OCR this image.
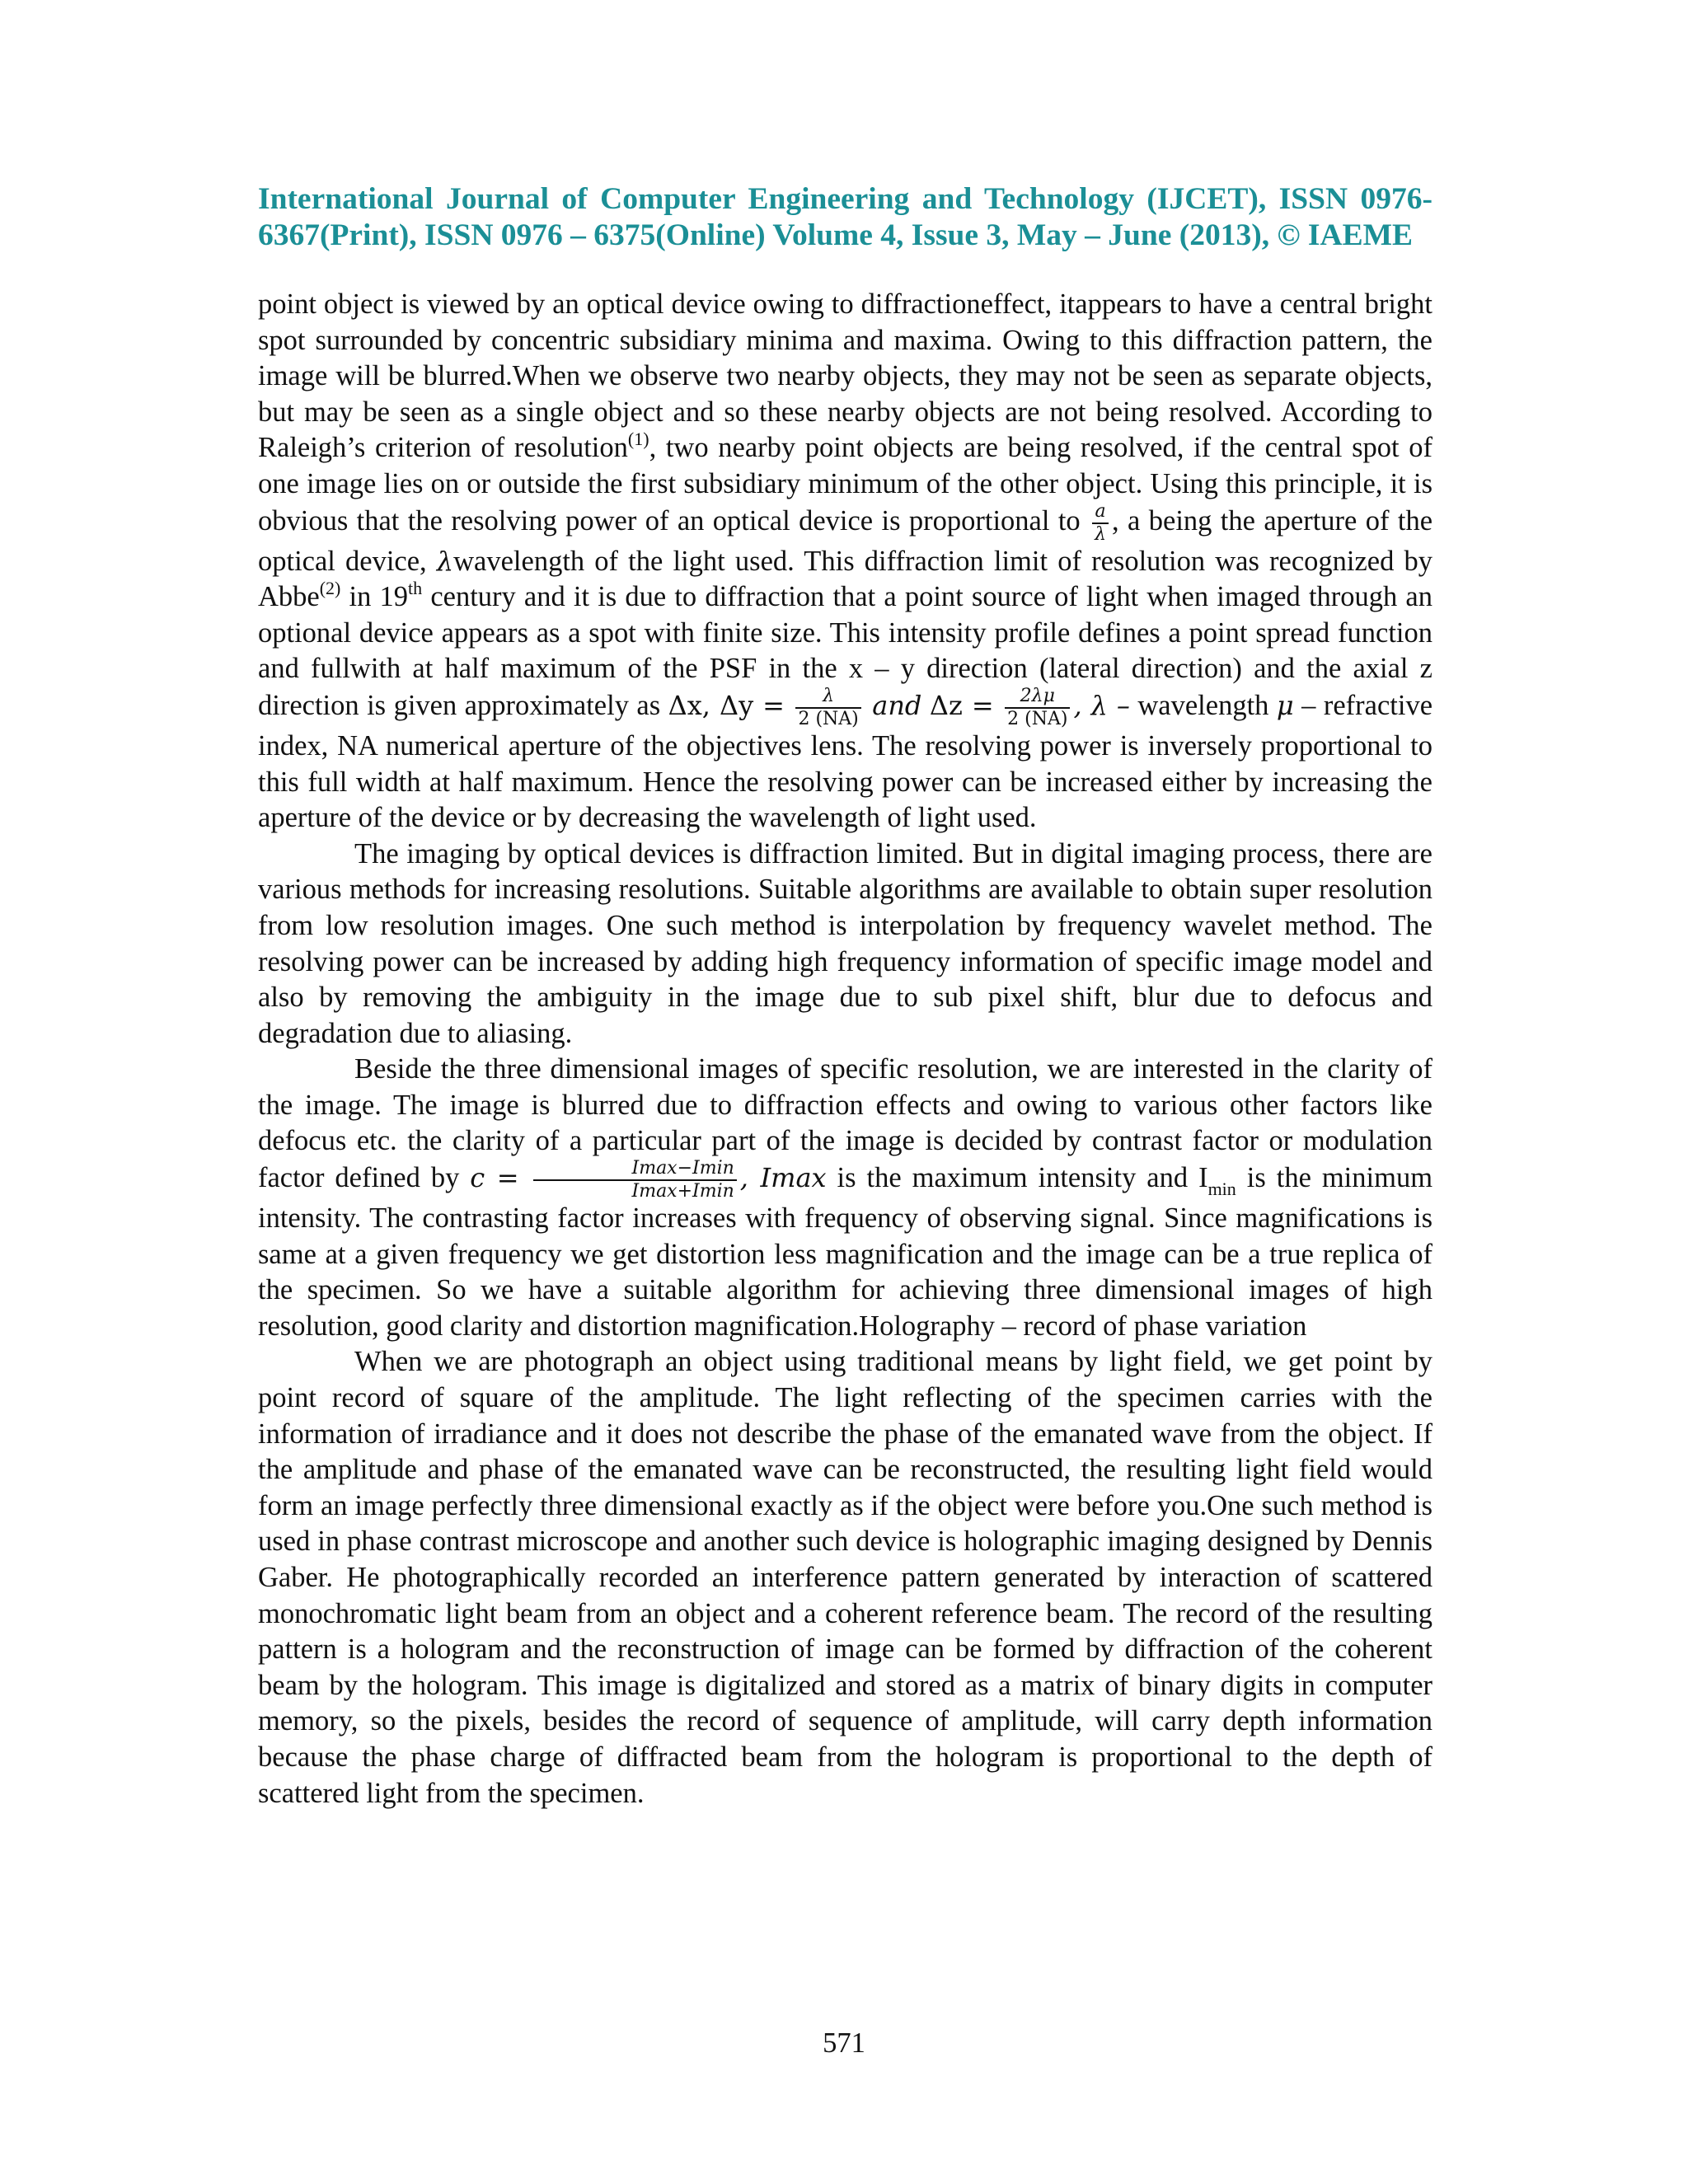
International Journal of Computer Engineering and Technology (IJCET), ISSN 0976-6367(Print), ISSN 0976 – 6375(Online) Volume 4, Issue 3, May – June (2013), © IAEME

point object is viewed by an optical device owing to diffractioneffect, itappears to have a central bright spot surrounded by concentric subsidiary minima and maxima. Owing to this diffraction pattern, the image will be blurred.When we observe two nearby objects, they may not be seen as separate objects, but may be seen as a single object and so these nearby objects are not being resolved. According to Raleigh’s criterion of resolution$^{(1)}$, two nearby point objects are being resolved, if the central spot of one image lies on or outside the first subsidiary minimum of the other object. Using this principle, it is obvious that the resolving power of an optical device is proportional to $\frac{a}{\lambda}$ , a being the aperture of the optical device, λwavelength of the light used. This diffraction limit of resolution was recognized by Abbe$^{(2)}$ in 19th century and it is due to diffraction that a point source of light when imaged through an optional device appears as a spot with finite size. This intensity profile defines a point spread function and fullwith at half maximum of the PSF in the x – y direction (lateral direction) and the axial z direction is given approximately as Δx, $\Delta y = \frac{\lambda}{2 (NA)}$ and $\Delta z = \frac{2\lambda\mu}{2 (NA)}$ , λ – wavelength μ – refractive index, NA numerical aperture of the objectives lens. The resolving power is inversely proportional to this full width at half maximum. Hence the resolving power can be increased either by increasing the aperture of the device or by decreasing the wavelength of light used.

The imaging by optical devices is diffraction limited. But in digital imaging process, there are various methods for increasing resolutions. Suitable algorithms are available to obtain super resolution from low resolution images. One such method is interpolation by frequency wavelet method. The resolving power can be increased by adding high frequency information of specific image model and also by removing the ambiguity in the image due to sub pixel shift, blur due to defocus and degradation due to aliasing.

Beside the three dimensional images of specific resolution, we are interested in the clarity of the image. The image is blurred due to diffraction effects and owing to various other factors like defocus etc. the clarity of a particular part of the image is decided by contrast factor or modulation factor defined by $c = \frac{Imax-Imin}{Imax+Imin}$ , Imax is the maximum intensity and $I_{min}$ is the minimum intensity. The contrasting factor increases with frequency of observing signal. Since magnifications is same at a given frequency we get distortion less magnification and the image can be a true replica of the specimen. So we have a suitable algorithm for achieving three dimensional images of high resolution, good clarity and distortion magnification.Holography – record of phase variation

When we are photograph an object using traditional means by light field, we get point by point record of square of the amplitude. The light reflecting of the specimen carries with the information of irradiance and it does not describe the phase of the emanated wave from the object. If the amplitude and phase of the emanated wave can be reconstructed, the resulting light field would form an image perfectly three dimensional exactly as if the object were before you.One such method is used in phase contrast microscope and another such device is holographic imaging designed by Dennis Gaber. He photographically recorded an interference pattern generated by interaction of scattered monochromatic light beam from an object and a coherent reference beam. The record of the resulting pattern is a hologram and the reconstruction of image can be formed by diffraction of the coherent beam by the hologram. This image is digitalized and stored as a matrix of binary digits in computer memory, so the pixels, besides the record of sequence of amplitude, will carry depth information because the phase charge of diffracted beam from the hologram is proportional to the depth of scattered light from the specimen.

571
